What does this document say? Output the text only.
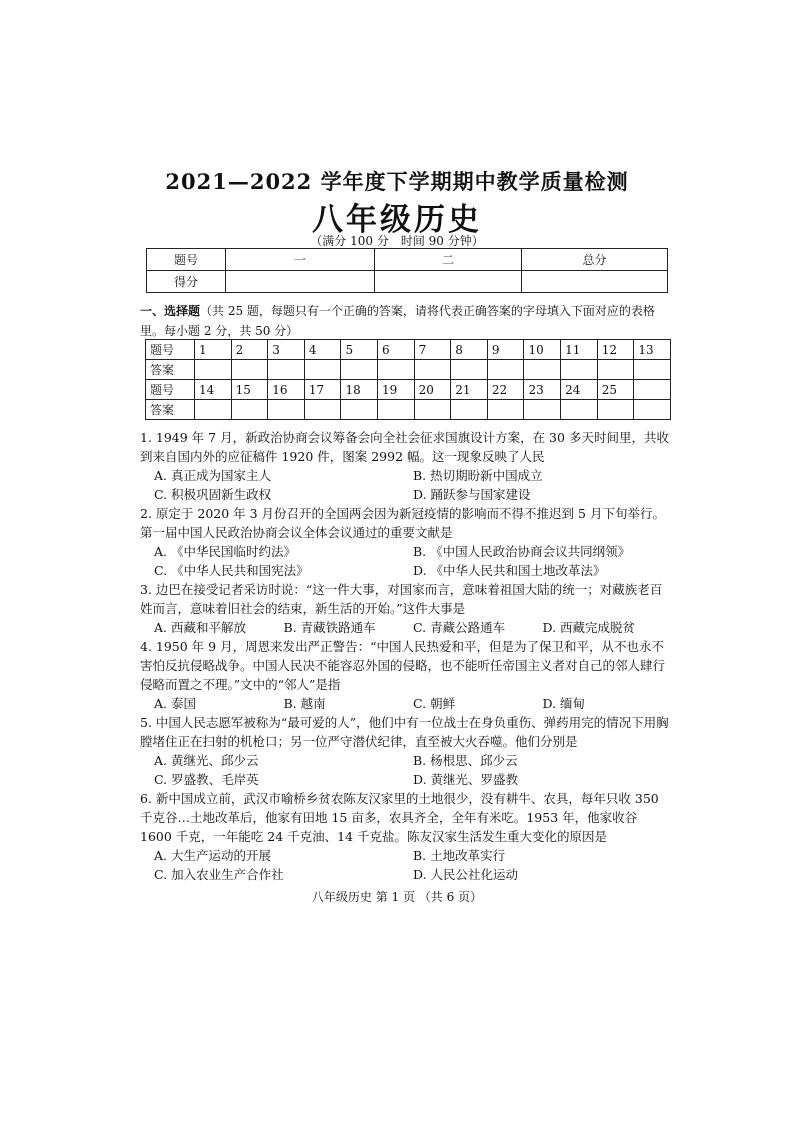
2021—2022 学年度下学期期中教学质量检测
八年级历史
（满分 100 分　时间 90 分钟）
题号	一	二	总分
得分			
一、选择题（共 25 题，每题只有一个正确的答案，请将代表正确答案的字母填入下面对应的表格里。每小题 2 分，共 50 分）
题号	1	2	3	4	5	6	7	8	9	10	11	12	13
答案													
题号	14	15	16	17	18	19	20	21	22	23	24	25	
答案													
1. 1949 年 7 月，新政治协商会议筹备会向全社会征求国旗设计方案，在 30 多天时间里，共收到来自国内外的应征稿件 1920 件，图案 2992 幅。这一现象反映了人民
A. 真正成为国家主人	B. 热切期盼新中国成立
C. 积极巩固新生政权	D. 踊跃参与国家建设
2. 原定于 2020 年 3 月份召开的全国两会因为新冠疫情的影响而不得不推迟到 5 月下旬举行。第一届中国人民政治协商会议全体会议通过的重要文献是
A. 《中华民国临时约法》	B. 《中国人民政治协商会议共同纲领》
C. 《中华人民共和国宪法》	D. 《中华人民共和国土地改革法》
3. 边巴在接受记者采访时说：“这一件大事，对国家而言，意味着祖国大陆的统一；对藏族老百姓而言，意味着旧社会的结束，新生活的开始。”这件大事是
A. 西藏和平解放	B. 青藏铁路通车	C. 青藏公路通车	D. 西藏完成脱贫
4. 1950 年 9 月，周恩来发出严正警告：“中国人民热爱和平，但是为了保卫和平，从不也永不害怕反抗侵略战争。中国人民决不能容忍外国的侵略，也不能听任帝国主义者对自己的邻人肆行侵略而置之不理。”文中的“邻人”是指
A. 泰国	B. 越南	C. 朝鲜	D. 缅甸
5. 中国人民志愿军被称为“最可爱的人”，他们中有一位战士在身负重伤、弹药用完的情况下用胸膛堵住正在扫射的机枪口；另一位严守潜伏纪律，直至被大火吞噬。他们分别是
A. 黄继光、邱少云	B. 杨根思、邱少云
C. 罗盛教、毛岸英	D. 黄继光、罗盛教
6. 新中国成立前，武汉市喻桥乡贫农陈友汉家里的土地很少，没有耕牛、农具，每年只收 350 千克谷…土地改革后，他家有田地 15 亩多，农具齐全，全年有米吃。1953 年，他家收谷 1600 千克，一年能吃 24 千克油、14 千克盐。陈友汉家生活发生重大变化的原因是
A. 大生产运动的开展	B. 土地改革实行
C. 加入农业生产合作社	D. 人民公社化运动
八年级历史 第 1 页 （共 6 页）
